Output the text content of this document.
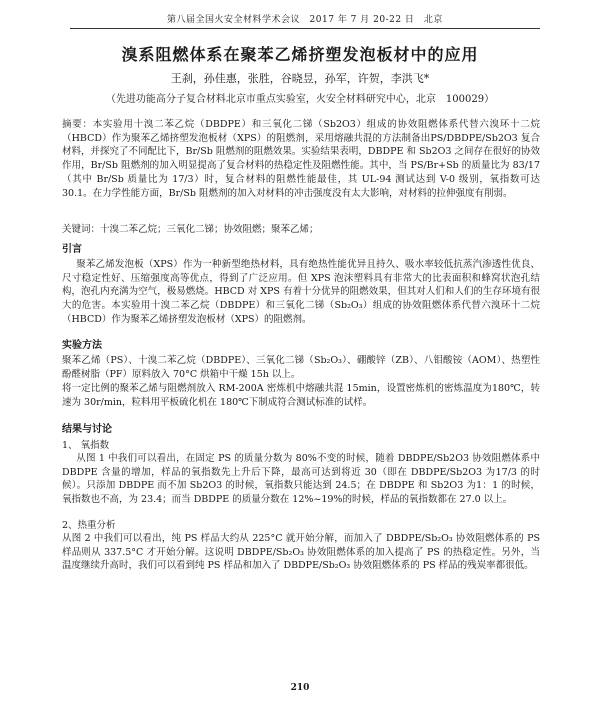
第八届全国火安全材料学术会议　2017 年 7 月 20-22 日　北京
溴系阻燃体系在聚苯乙烯挤塑发泡板材中的应用
王刹，孙佳惠，张胜，谷晓昱，孙军，许贺，李洪飞*
（先进功能高分子复合材料北京市重点实验室，火安全材料研究中心，北京　100029）
摘要：本实验用十溴二苯乙烷（DBDPE）和三氧化二锑（Sb2O3）组成的协效阻燃体系代替六溴环十二烷（HBCD）作为聚苯乙烯挤塑发泡板材（XPS）的阻燃剂，采用熔融共混的方法制备出PS/DBDPE/Sb2O3 复合材料，并探究了不同配比下，Br/Sb 阻燃剂的阻燃效果。实验结果表明，DBDPE 和 Sb2O3 之间存在很好的协效作用，Br/Sb 阻燃剂的加入明显提高了复合材料的热稳定性及阻燃性能。其中，当 PS/Br+Sb 的质量比为 83/17（其中 Br/Sb 质量比为 17/3）时，复合材料的阻燃性能最佳，其 UL-94 测试达到 V-0 级别，氧指数可达 30.1。在力学性能方面，Br/Sb 阻燃剂的加入对材料的冲击强度没有太大影响，对材料的拉伸强度有削弱。
关键词：十溴二苯乙烷；三氧化二锑；协效阻燃；聚苯乙烯；
引言
聚苯乙烯发泡板（XPS）作为一种新型绝热材料，具有绝热性能优异且持久、吸水率较低抗蒸汽渗透性优良、尺寸稳定性好、压缩强度高等优点，得到了广泛应用。但 XPS 泡沫塑料具有非常大的比表面积和蜂窝状泡孔结构，泡孔内充满为空气，极易燃烧。HBCD 对 XPS 有着十分优异的阻燃效果，但其对人们和人们的生存环境有很大的危害。本实验用十溴二苯乙烷（DBDPE）和三氧化二锑（Sb₂O₃）组成的协效阻燃体系代替六溴环十二烷（HBCD）作为聚苯乙烯挤塑发泡板材（XPS）的阻燃剂。
实验方法
聚苯乙烯（PS）、十溴二苯乙烷（DBDPE）、三氧化二锑（Sb₂O₃）、硼酸锌（ZB）、八钼酸铵（AOM）、热塑性酚醛树脂（PF）原料放入 70°C 烘箱中干燥 15h 以上。
将一定比例的聚苯乙烯与阻燃剂放入 RM-200A 密炼机中熔融共混 15min，设置密炼机的密炼温度为180℃，转速为 30r/min，粒料用平板硫化机在 180℃下制成符合测试标准的试样。
结果与讨论
1、 氧指数
从图 1 中我们可以看出，在固定 PS 的质量分数为 80%不变的时候，随着 DBDPE/Sb2O3 协效阻燃体系中 DBDPE 含量的增加，样品的氧指数先上升后下降，最高可达到将近 30（即在 DBDPE/Sb2O3 为17/3 的时候）。只添加 DBDPE 而不加 Sb2O3 的时候，氧指数只能达到 24.5；在 DBDPE 和 Sb2O3 为1：1 的时候，氧指数也不高，为 23.4；而当 DBDPE 的质量分数在 12%~19%的时候，样品的氧指数都在 27.0 以上。
2、热重分析
从图 2 中我们可以看出，纯 PS 样品大约从 225°C 就开始分解，而加入了 DBDPE/Sb₂O₃ 协效阻燃体系的 PS 样品则从 337.5°C 才开始分解。这说明 DBDPE/Sb₂O₃ 协效阻燃体系的加入提高了 PS 的热稳定性。另外，当温度继续升高时，我们可以看到纯 PS 样品和加入了 DBDPE/Sb₂O₃ 协效阻燃体系的 PS 样品的残炭率都很低。
210
